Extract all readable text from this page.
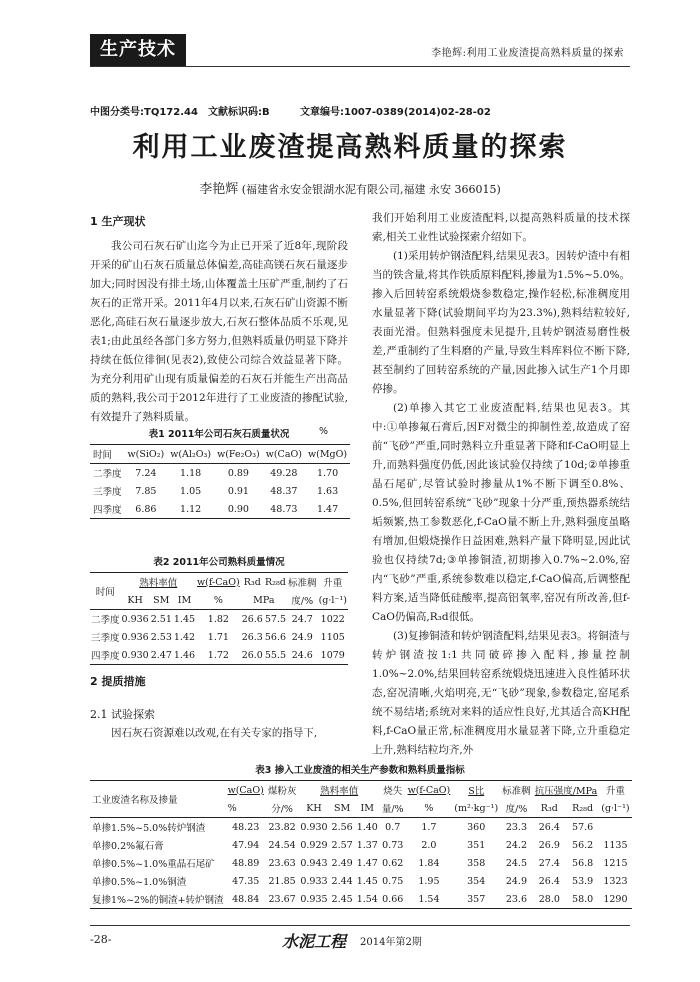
生产技术	李艳辉:利用工业废渣提高熟料质量的探索
中图分类号:TQ172.44 文献标识码:B	文章编号:1007-0389(2014)02-28-02
利用工业废渣提高熟料质量的探索
李艳辉 (福建省永安金银湖水泥有限公司,福建 永安 366015)
1 生产现状

我公司石灰石矿山迄今为止已开采了近8年,现阶段开采的矿山石灰石质量总体偏差,高硅高镁石灰石量逐步加大;同时因没有排土场,山体覆盖土压矿严重,制约了石灰石的正常开采。2011年4月以来,石灰石矿山资源不断恶化,高硅石灰石量逐步放大,石灰石整体品质不乐观,见表1;由此虽经各部门多方努力,但熟料质量仍明显下降并持续在低位徘徊(见表2),致使公司综合效益显著下降。为充分利用矿山现有质量偏差的石灰石并能生产出高品质的熟料,我公司于2012年进行了工业废渣的掺配试验,有效提升了熟料质量。

表1 2011年公司石灰石质量状况	%
时间	w(SiO₂)	w(Al₂O₃)	w(Fe₂O₃)	w(CaO)	w(MgO)
二季度	7.24	1.18	0.89	49.28	1.70
三季度	7.85	1.05	0.91	48.37	1.63
四季度	6.86	1.12	0.90	48.73	1.47
表2 2011年公司熟料质量情况
时间	熟料率值			w(f-CaO)	R₃d	R₂₈d	标准稠	升重
	KH	SM	IM	%	MPa		度/%	(g·l⁻¹)
二季度	0.936	2.51	1.45	1.82	26.6	57.5	24.7	1022
三季度	0.936	2.53	1.42	1.71	26.3	56.6	24.9	1105
四季度	0.930	2.47	1.46	1.72	26.0	55.5	24.6	1079
2 提质措施
2.1 试验探索

因石灰石资源难以改观,在有关专家的指导下,

我们开始利用工业废渣配料,以提高熟料质量的技术探索,相关工业性试验探索介绍如下。

(1)采用转炉钢渣配料,结果见表3。因转炉渣中有相当的铁含量,将其作铁质原料配料,掺量为1.5%~5.0%。掺入后回转窑系统煅烧参数稳定,操作轻松,标准稠度用水量显著下降(试验期间平均为23.3%),熟料结粒较好,表面光滑。但熟料强度未见提升,且转炉钢渣易磨性极差,严重制约了生料磨的产量,导致生料库料位不断下降,甚至制约了回转窑系统的产量,因此掺入试生产1个月即停掺。

(2)单掺入其它工业废渣配料,结果也见表3。其中:①单掺氟石膏后,因F对微尘的抑制性差,故造成了窑前“飞砂”严重,同时熟料立升重显著下降和f-CaO明显上升,而熟料强度仍低,因此该试验仅持续了10d;②单掺重晶石尾矿,尽管试验时掺量从1%不断下调至0.8%、0.5%,但回转窑系统“飞砂”现象十分严重,预热器系统结垢频繁,热工参数恶化,f-CaO量不断上升,熟料强度虽略有增加,但煅烧操作日益困难,熟料产量下降明显,因此试验也仅持续7d;③单掺铜渣,初期掺入0.7%~2.0%,窑内“飞砂”严重,系统参数难以稳定,f-CaO偏高,后调整配料方案,适当降低硅酸率,提高铝氧率,窑况有所改善,但f-CaO仍偏高,R₃d很低。

(3)复掺铜渣和转炉钢渣配料,结果见表3。将铜渣与转炉钢渣按1:1共同破碎掺入配料,掺量控制1.0%~2.0%,结果回转窑系统煅烧迅速进入良性循环状态,窑况清晰,火焰明亮,无“飞砂”现象,参数稳定,窑尾系统不易结堵;系统对来料的适应性良好,尤其适合高KH配料,f-CaO量正常,标准稠度用水量显著下降,立升重稳定上升,熟料结粒均齐,外

表3 掺入工业废渣的相关生产参数和熟料质量指标
工业废渣名称及掺量	w(CaO)	煤粉灰	熟料率值			烧失	w(f-CaO)	S比	标准稠	抗压强度/MPa		升重
	%	分/%	KH	SM	IM	量/%	%	(m²·kg⁻¹)	度/%	R₃d	R₂₈d	(g·l⁻¹)
单掺1.5%~5.0%转炉钢渣	48.23	23.82	0.930	2.56	1.40	0.7	1.7	360	23.3	26.4	57.6	
单掺0.2%氟石膏	47.94	24.54	0.929	2.57	1.37	0.73	2.0	351	24.2	26.9	56.2	1135
单掺0.5%~1.0%重晶石尾矿	48.89	23.63	0.943	2.49	1.47	0.62	1.84	358	24.5	27.4	56.8	1215
单掺0.5%~1.0%铜渣	47.35	21.85	0.933	2.44	1.45	0.75	1.95	354	24.9	26.4	53.9	1323
复掺1%~2%的铜渣+转炉钢渣	48.84	23.67	0.935	2.45	1.54	0.66	1.54	357	23.6	28.0	58.0	1290
-28-	水泥工程 2014年第2期
